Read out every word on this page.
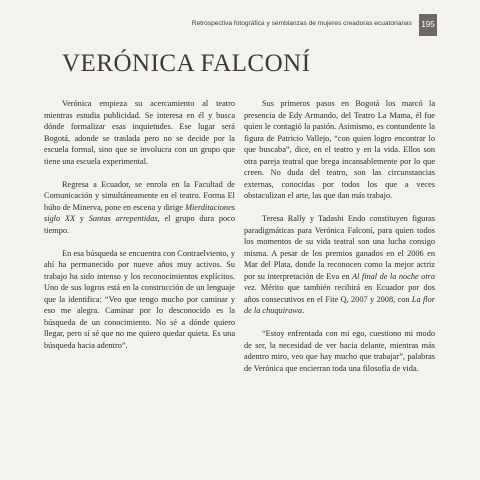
Retrospectiva fotográfica y semblanzas de mujeres creadoras ecuatorianas 195
VERÓNICA FALCONÍ

Verónica empieza su acercamiento al teatro mientras estudia publicidad. Se interesa en él y busca dónde formalizar esas inquietudes. Ese lugar será Bogotá, adonde se traslada pero no se decide por la escuela formal, sino que se involucra con un grupo que tiene una escuela experimental.

Regresa a Ecuador, se enrola en la Facultad de Comunicación y simultáneamente en el teatro. Forma El búho de Minerva, pone en escena y dirige Mierditaciones siglo XX y Santas arrepentidas, el grupo dura poco tiempo.

En esa búsqueda se encuentra con Contraelviento, y ahí ha permanecido por nueve años muy activos. Su trabajo ha sido intenso y los reconocimientos explícitos. Uno de sus logros está en la construcción de un lenguaje que la identifica: “Veo que tengo mucho por caminar y eso me alegra. Caminar por lo desconocido es la búsqueda de un conocimiento. No sé a dónde quiero llegar, pero sí sé que no me quiero quedar quieta. Es una búsqueda hacia adentro”.

Sus primeros pasos en Bogotá los marcó la presencia de Edy Armando, del Teatro La Mama, él fue quien le contagió la pasión. Asimismo, es contundente la figura de Patricio Vallejo, “con quien logro encontrar lo que buscaba”, dice, en el teatro y en la vida. Ellos son otra pareja teatral que brega incansablemente por lo que creen. No duda del teatro, son las circunstancias externas, conocidas por todos los que a veces obstaculizan el arte, las que dan más trabajo.

Teresa Rally y Tadashi Endo constituyen figuras paradigmáticas para Verónica Falconí, para quien todos los momentos de su vida teatral son una lucha consigo misma. A pesar de los premios ganados en el 2006 en Mar del Plata, donde la reconocen como la mejor actriz por su interpretación de Eva en Al final de la noche otra vez. Mérito que también recibirá en Ecuador por dos años consecutivos en el Fite Q, 2007 y 2008, con La flor de la chuquirawa.

“Estoy enfrentada con mi ego, cuestiono mi modo de ser, la necesidad de ver hacia delante, mientras más adentro miro, veo que hay mucho que trabajar”, palabras de Verónica que encierran toda una filosofía de vida.
